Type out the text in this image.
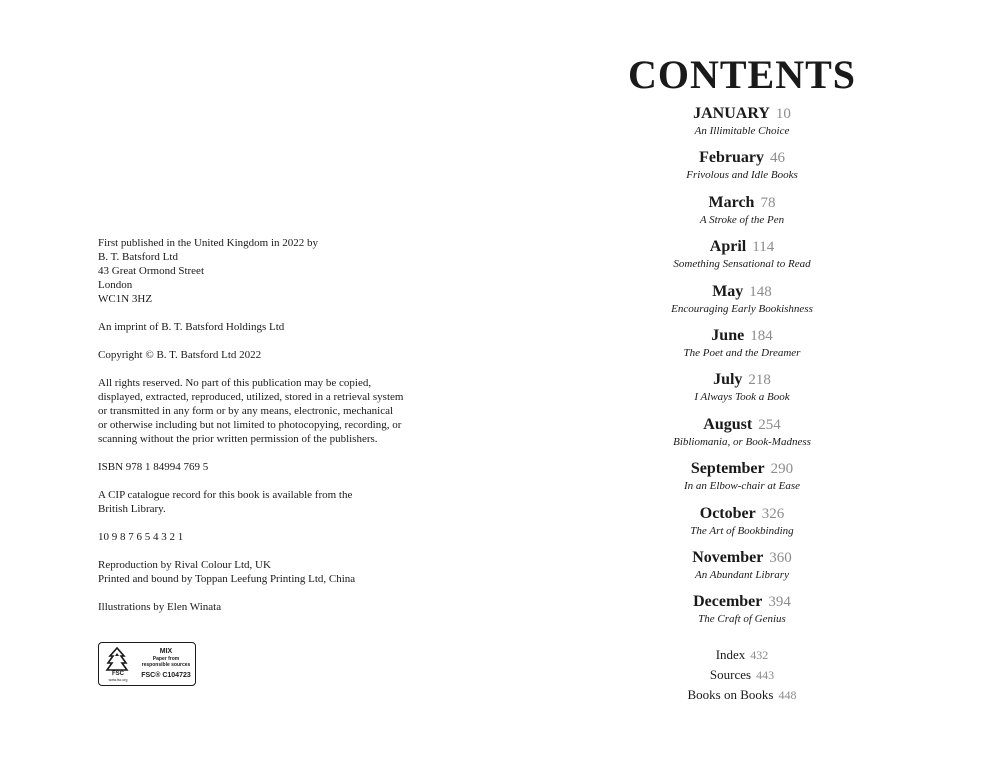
First published in the United Kingdom in 2022 by
B. T. Batsford Ltd
43 Great Ormond Street
London
WC1N 3HZ

An imprint of B. T. Batsford Holdings Ltd

Copyright © B. T. Batsford Ltd 2022

All rights reserved. No part of this publication may be copied,
displayed, extracted, reproduced, utilized, stored in a retrieval system
or transmitted in any form or by any means, electronic, mechanical
or otherwise including but not limited to photocopying, recording, or
scanning without the prior written permission of the publishers.

ISBN 978 1 84994 769 5

A CIP catalogue record for this book is available from the
British Library.

10 9 8 7 6 5 4 3 2 1

Reproduction by Rival Colour Ltd, UK
Printed and bound by Toppan Leefung Printing Ltd, China

Illustrations by Elen Winata

FSC
www.fsc.org
MIX
Paper from responsible sources
FSC® C104723
CONTENTS
JANUARY 10
An Illimitable Choice
February 46
Frivolous and Idle Books
March 78
A Stroke of the Pen
April 114
Something Sensational to Read
May 148
Encouraging Early Bookishness
June 184
The Poet and the Dreamer
July 218
I Always Took a Book
August 254
Bibliomania, or Book-Madness
September 290
In an Elbow-chair at Ease
October 326
The Art of Bookbinding
November 360
An Abundant Library
December 394
The Craft of Genius
Index 432
Sources 443
Books on Books 448
